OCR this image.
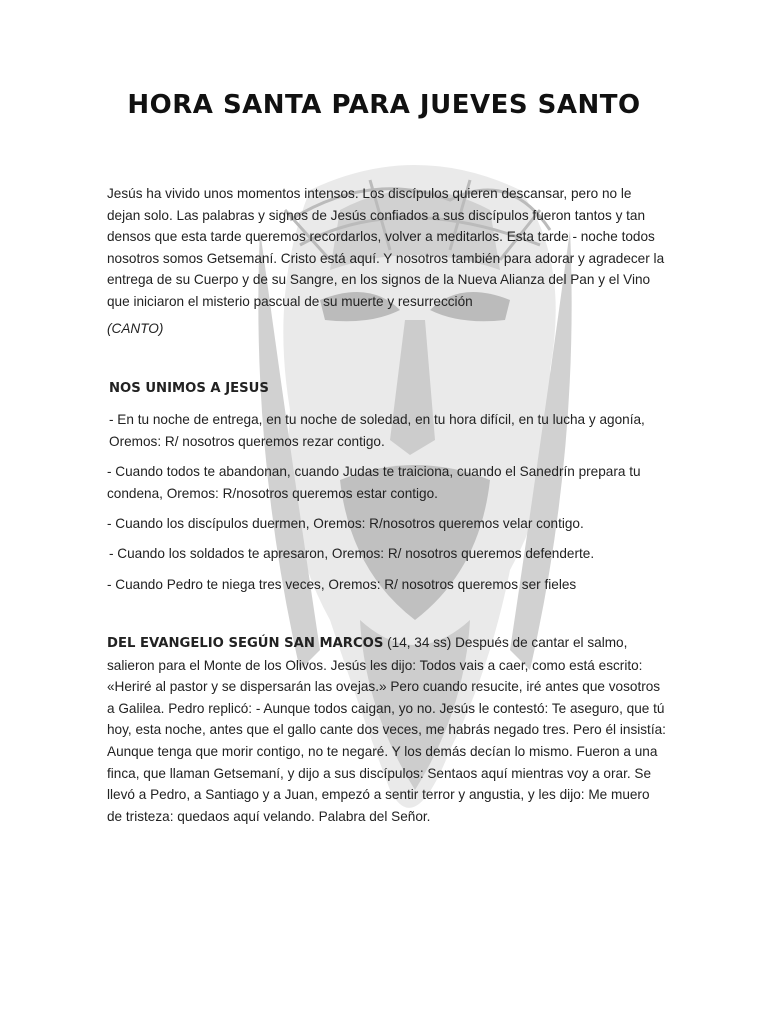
HORA SANTA PARA JUEVES SANTO

Jesús ha vivido unos momentos intensos. Los discípulos quieren descansar, pero no le dejan solo. Las palabras y signos de Jesús confiados a sus discípulos fueron tantos y tan densos que esta tarde queremos recordarlos, volver a meditarlos. Esta tarde - noche todos nosotros somos Getsemaní. Cristo está aquí. Y nosotros también para adorar y agradecer la entrega de su Cuerpo y de su Sangre, en los signos de la Nueva Alianza del Pan y el Vino que iniciaron el misterio pascual de su muerte y resurrección

(CANTO)

NOS UNIMOS A JESUS

- En tu noche de entrega, en tu noche de soledad, en tu hora difícil, en tu lucha y agonía, Oremos: R/ nosotros queremos rezar contigo.

- Cuando todos te abandonan, cuando Judas te traiciona, cuando el Sanedrín prepara tu condena, Oremos: R/nosotros queremos estar contigo.

- Cuando los discípulos duermen, Oremos: R/nosotros queremos velar contigo.

- Cuando los soldados te apresaron, Oremos: R/ nosotros queremos defenderte.

- Cuando Pedro te niega tres veces, Oremos: R/ nosotros queremos ser fieles

DEL EVANGELIO SEGÚN SAN MARCOS (14, 34 ss) Después de cantar el salmo, salieron para el Monte de los Olivos. Jesús les dijo: Todos vais a caer, como está escrito: «Heriré al pastor y se dispersarán las ovejas.» Pero cuando resucite, iré antes que vosotros a Galilea. Pedro replicó: - Aunque todos caigan, yo no. Jesús le contestó: Te aseguro, que tú hoy, esta noche, antes que el gallo cante dos veces, me habrás negado tres. Pero él insistía: Aunque tenga que morir contigo, no te negaré. Y los demás decían lo mismo. Fueron a una finca, que llaman Getsemaní, y dijo a sus discípulos: Sentaos aquí mientras voy a orar. Se llevó a Pedro, a Santiago y a Juan, empezó a sentir terror y angustia, y les dijo: Me muero de tristeza: quedaos aquí velando. Palabra del Señor.
